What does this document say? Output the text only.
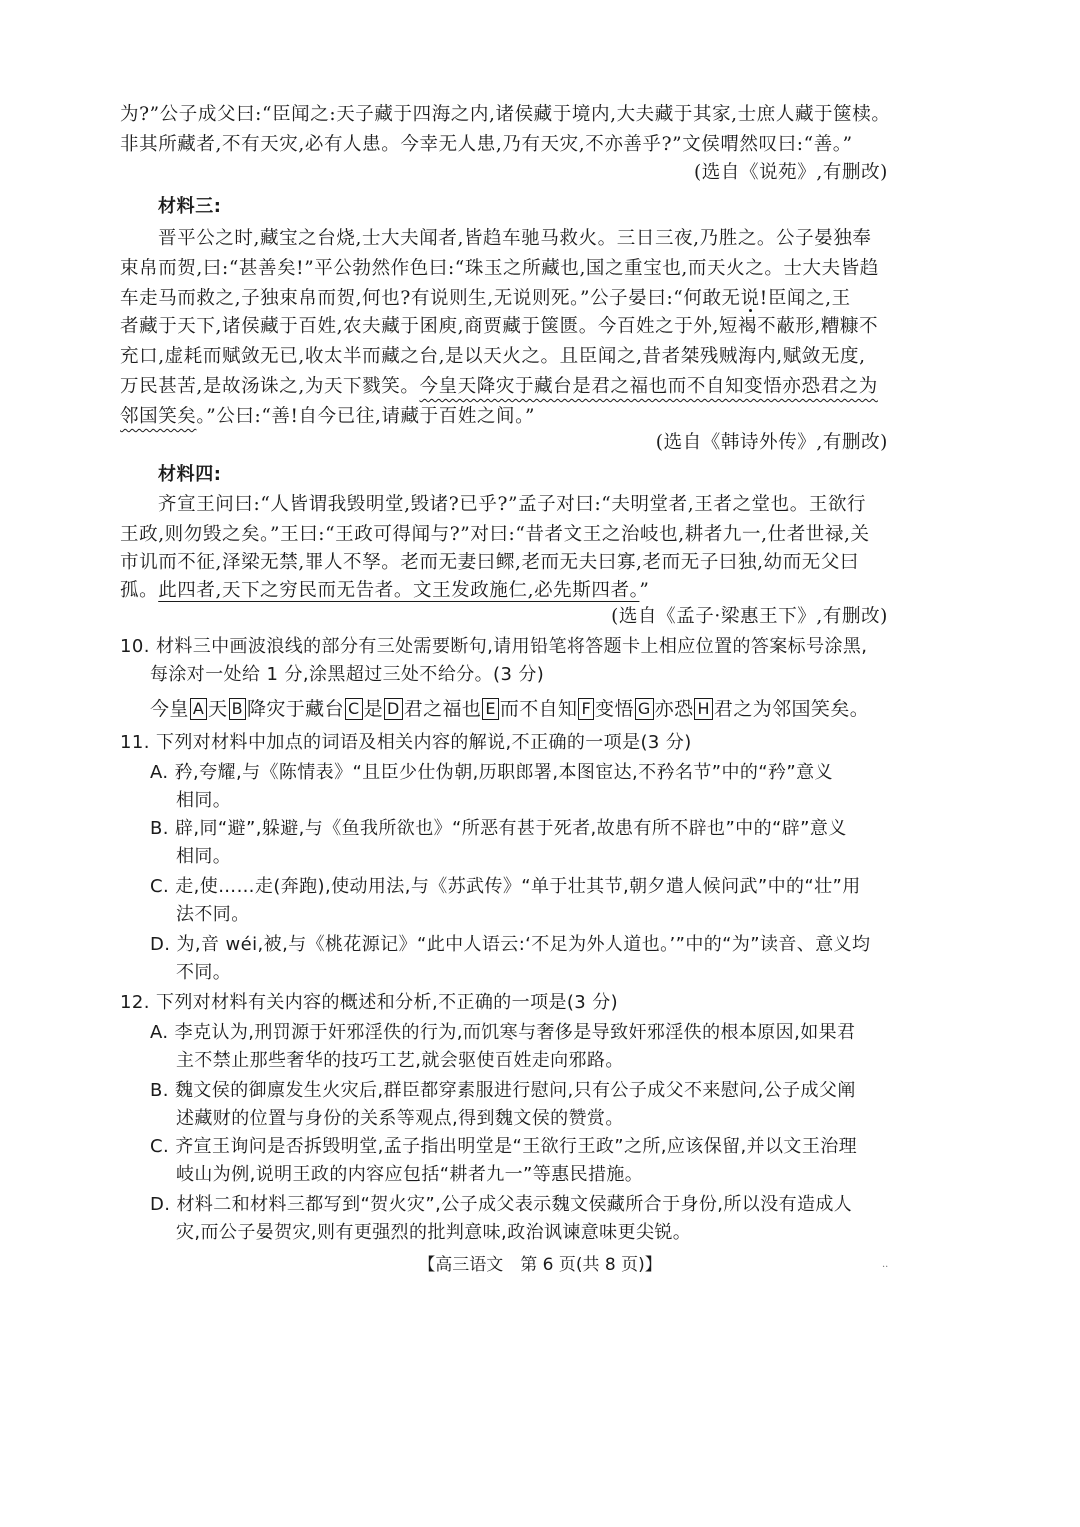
为?”公子成父曰:“臣闻之:天子藏于四海之内,诸侯藏于境内,大夫藏于其家,士庶人藏于箧椟。

非其所藏者,不有天灾,必有人患。今幸无人患,乃有天灾,不亦善乎?”文侯喟然叹曰:“善。”

(选自《说苑》,有删改)

材料三:

晋平公之时,藏宝之台烧,士大夫闻者,皆趋车驰马救火。三日三夜,乃胜之。公子晏独奉

束帛而贺,曰:“甚善矣!”平公勃然作色曰:“珠玉之所藏也,国之重宝也,而天火之。士大夫皆趋

车走马而救之,子独束帛而贺,何也?有说则生,无说则死。”公子晏曰:“何敢无说!臣闻之,王

者藏于天下,诸侯藏于百姓,农夫藏于囷庾,商贾藏于箧匮。今百姓之于外,短褐不蔽形,糟糠不

充口,虚耗而赋敛无已,收太半而藏之台,是以天火之。且臣闻之,昔者桀残贼海内,赋敛无度,

万民甚苦,是故汤诛之,为天下戮笑。今皇天降灾于藏台是君之福也而不自知变悟亦恐君之为

邻国笑矣。”公曰:“善!自今已往,请藏于百姓之间。”

(选自《韩诗外传》,有删改)

材料四:

齐宣王问曰:“人皆谓我毁明堂,毁诸?已乎?”孟子对曰:“夫明堂者,王者之堂也。王欲行

王政,则勿毁之矣。”王曰:“王政可得闻与?”对曰:“昔者文王之治岐也,耕者九一,仕者世禄,关

市讥而不征,泽梁无禁,罪人不孥。老而无妻曰鳏,老而无夫曰寡,老而无子曰独,幼而无父曰

孤。此四者,天下之穷民而无告者。文王发政施仁,必先斯四者。”

(选自《孟子·梁惠王下》,有删改)

10. 材料三中画波浪线的部分有三处需要断句,请用铅笔将答题卡上相应位置的答案标号涂黑,

每涂对一处给 1 分,涂黑超过三处不给分。(3 分)

今皇 A 天 B 降灾于藏台 C 是 D 君之福也 E 而不自知 F 变悟 G 亦恐 H 君之为邻国笑矣。

11. 下列对材料中加点的词语及相关内容的解说,不正确的一项是(3 分)

A. 矜,夸耀,与《陈情表》“且臣少仕伪朝,历职郎署,本图宦达,不矜名节”中的“矜”意义

相同。

B. 辟,同“避”,躲避,与《鱼我所欲也》“所恶有甚于死者,故患有所不辟也”中的“辟”意义

相同。

C. 走,使……走(奔跑),使动用法,与《苏武传》“单于壮其节,朝夕遣人候问武”中的“壮”用

法不同。

D. 为,音 wéi,被,与《桃花源记》“此中人语云:‘不足为外人道也。’”中的“为”读音、意义均

不同。

12. 下列对材料有关内容的概述和分析,不正确的一项是(3 分)

A. 李克认为,刑罚源于奸邪淫佚的行为,而饥寒与奢侈是导致奸邪淫佚的根本原因,如果君

主不禁止那些奢华的技巧工艺,就会驱使百姓走向邪路。

B. 魏文侯的御廪发生火灾后,群臣都穿素服进行慰问,只有公子成父不来慰问,公子成父阐

述藏财的位置与身份的关系等观点,得到魏文侯的赞赏。

C. 齐宣王询问是否拆毁明堂,孟子指出明堂是“王欲行王政”之所,应该保留,并以文王治理

岐山为例,说明王政的内容应包括“耕者九一”等惠民措施。

D. 材料二和材料三都写到“贺火灾”,公子成父表示魏文侯藏所合于身份,所以没有造成人

灾,而公子晏贺灾,则有更强烈的批判意味,政治讽谏意味更尖锐。

【高三语文　第 6 页(共 8 页)】	··
